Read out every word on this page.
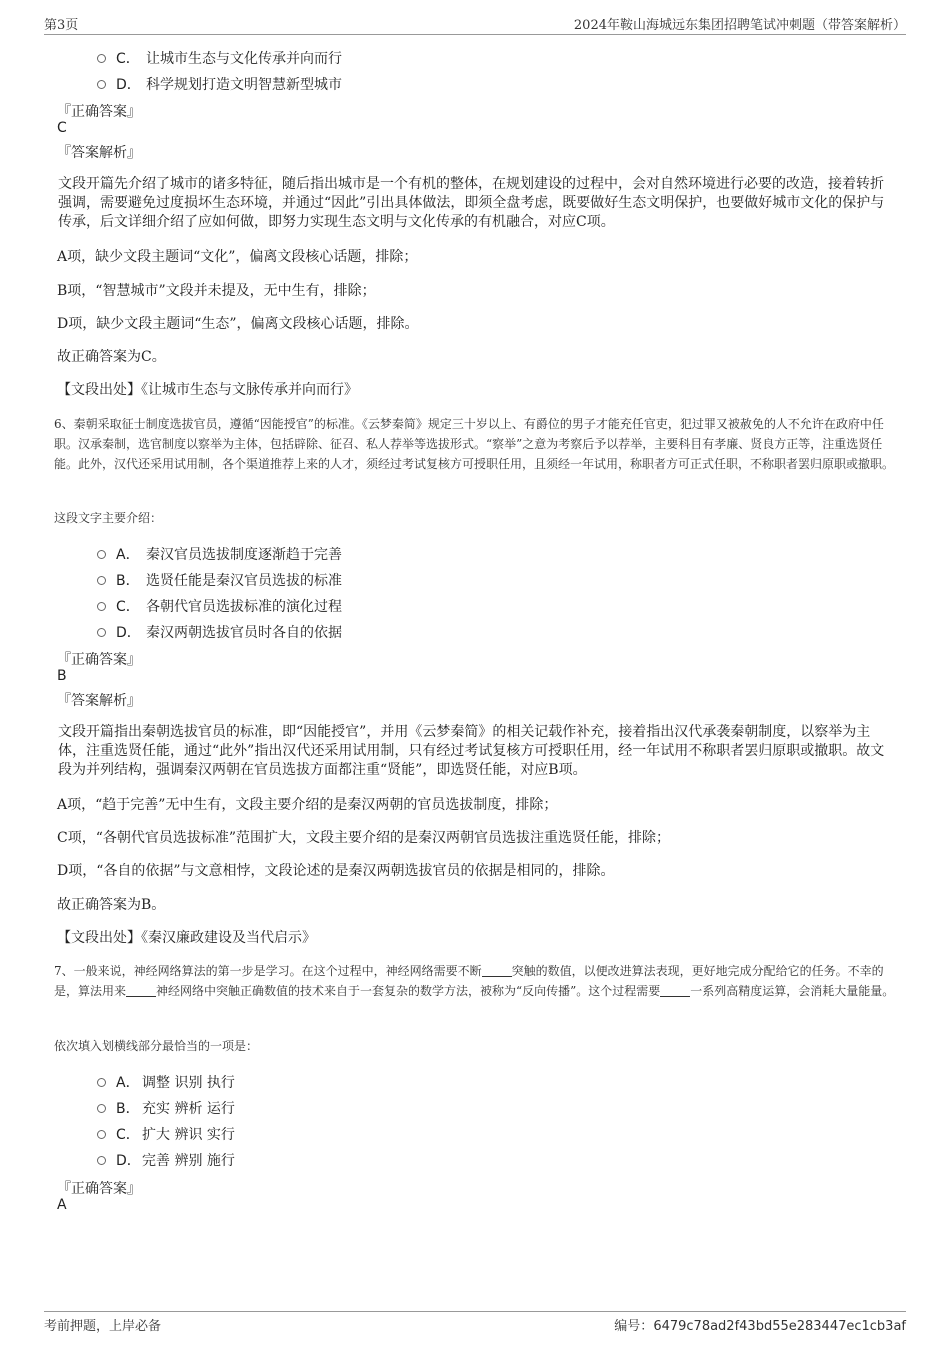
第3页	2024年鞍山海城远东集团招聘笔试冲刺题（带答案解析）
C． 让城市生态与文化传承并向而行
D． 科学规划打造文明智慧新型城市
『正确答案』
C
『答案解析』
文段开篇先介绍了城市的诸多特征，随后指出城市是一个有机的整体，在规划建设的过程中，会对自然环境进行必要的改造，接着转折强调，需要避免过度损坏生态环境，并通过“因此”引出具体做法，即须全盘考虑，既要做好生态文明保护，也要做好城市文化的保护与传承，后文详细介绍了应如何做，即努力实现生态文明与文化传承的有机融合，对应C项。
A项，缺少文段主题词“文化”，偏离文段核心话题，排除；
B项，“智慧城市”文段并未提及，无中生有，排除；
D项，缺少文段主题词“生态”，偏离文段核心话题，排除。
故正确答案为C。
【文段出处】《让城市生态与文脉传承并向而行》
6、秦朝采取征士制度选拔官员，遵循“因能授官”的标准。《云梦秦简》规定三十岁以上、有爵位的男子才能充任官吏，犯过罪又被赦免的人不允许在政府中任职。汉承秦制，选官制度以察举为主体，包括辟除、征召、私人荐举等选拔形式。“察举”之意为考察后予以荐举，主要科目有孝廉、贤良方正等，注重选贤任能。此外，汉代还采用试用制，各个渠道推荐上来的人才，须经过考试复核方可授职任用，且须经一年试用，称职者方可正式任职，不称职者罢归原职或撤职。
这段文字主要介绍：
A． 秦汉官员选拔制度逐渐趋于完善
B． 选贤任能是秦汉官员选拔的标准
C． 各朝代官员选拔标准的演化过程
D． 秦汉两朝选拔官员时各自的依据
『正确答案』
B
『答案解析』
文段开篇指出秦朝选拔官员的标准，即“因能授官”，并用《云梦秦简》的相关记载作补充，接着指出汉代承袭秦朝制度，以察举为主体，注重选贤任能，通过“此外”指出汉代还采用试用制，只有经过考试复核方可授职任用，经一年试用不称职者罢归原职或撤职。故文段为并列结构，强调秦汉两朝在官员选拔方面都注重“贤能”，即选贤任能，对应B项。
A项，“趋于完善”无中生有，文段主要介绍的是秦汉两朝的官员选拔制度，排除；
C项，“各朝代官员选拔标准”范围扩大，文段主要介绍的是秦汉两朝官员选拔注重选贤任能，排除；
D项，“各自的依据”与文意相悖，文段论述的是秦汉两朝选拔官员的依据是相同的，排除。
故正确答案为B。
【文段出处】《秦汉廉政建设及当代启示》
7、一般来说，神经网络算法的第一步是学习。在这个过程中，神经网络需要不断	突触的数值，以便改进算法表现，更好地完成分配给它的任务。不幸的是，算法用来	神经网络中突触正确数值的技术来自于一套复杂的数学方法，被称为“反向传播”。这个过程需要	一系列高精度运算，会消耗大量能量。
依次填入划横线部分最恰当的一项是：
A． 调整 识别 执行
B． 充实 辨析 运行
C． 扩大 辨识 实行
D．完善 辨别 施行
『正确答案』
A
考前押题，上岸必备	编号：6479c78ad2f43bd55e283447ec1cb3af
